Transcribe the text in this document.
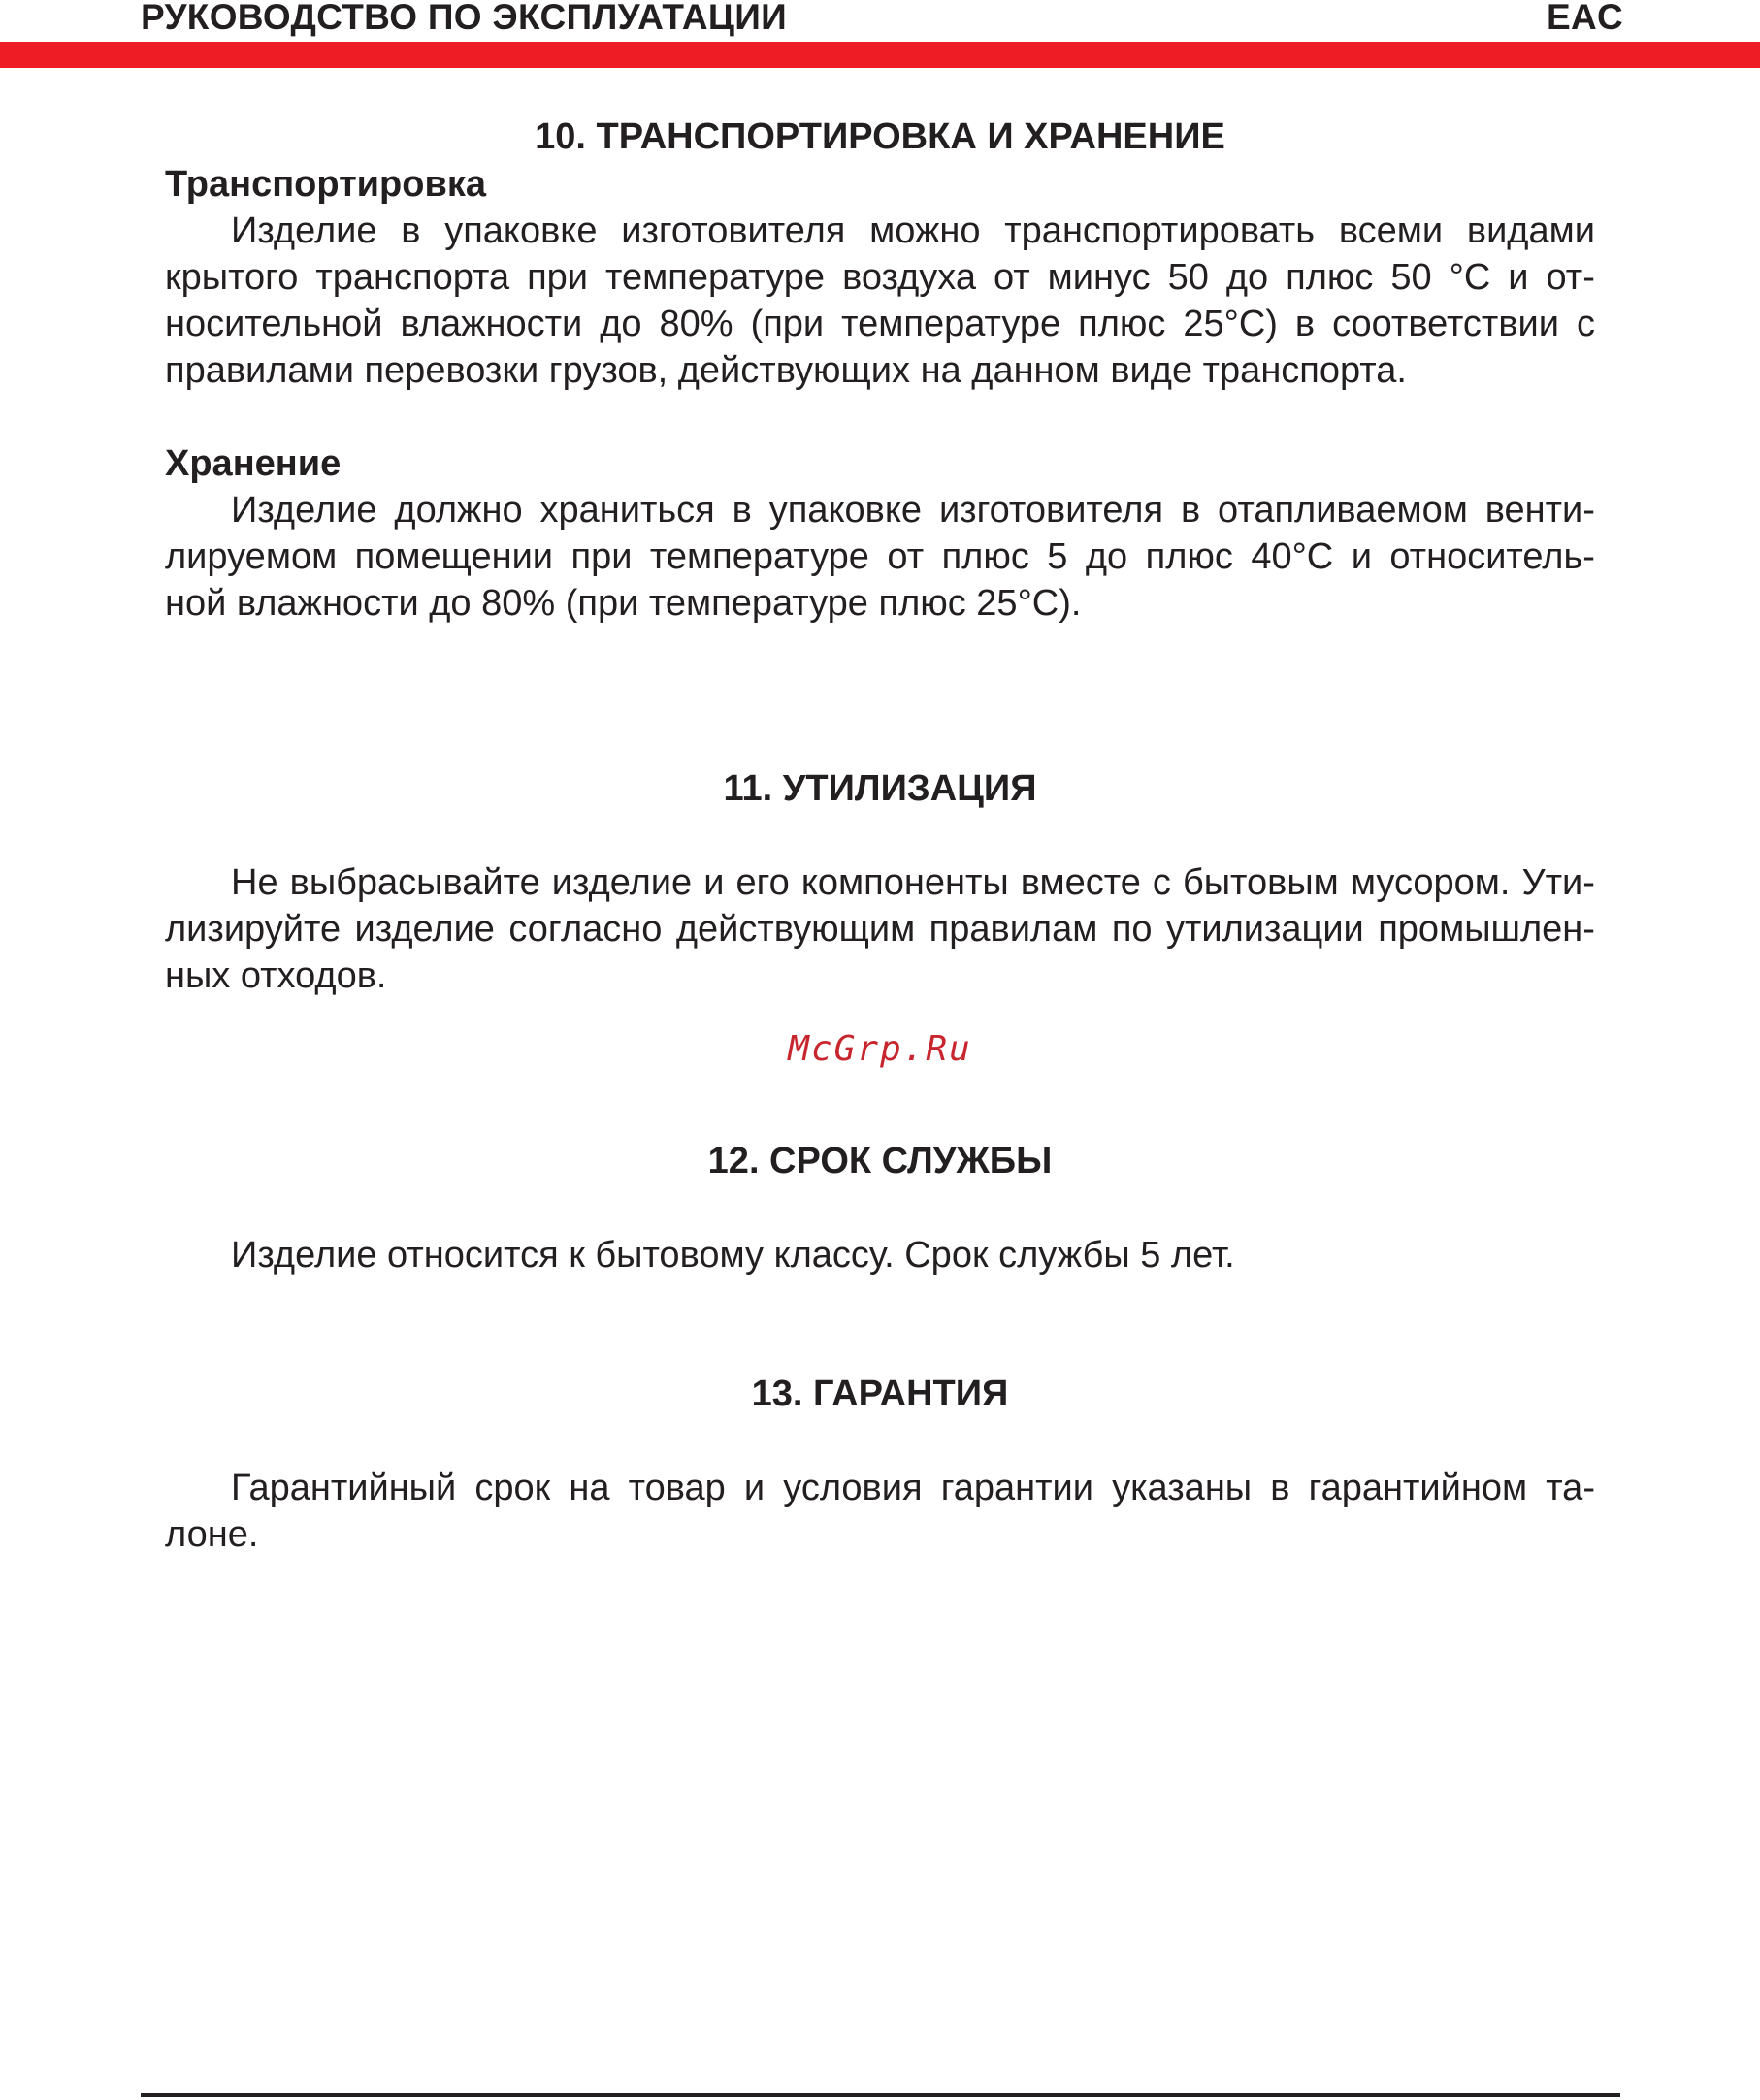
РУКОВОДСТВО ПО ЭКСПЛУАТАЦИИ	EAC
10. ТРАНСПОРТИРОВКА И ХРАНЕНИЕ
Транспортировка
Изделие в упаковке изготовителя можно транспортировать всеми видами
крытого транспорта при температуре воздуха от минус 50 до плюс 50 °C и от-
носительной влажности до 80% (при температуре плюс 25°C) в соответствии с
правилами перевозки грузов, действующих на данном виде транспорта.
Хранение
Изделие должно храниться в упаковке изготовителя в отапливаемом венти-
лируемом помещении при температуре от плюс 5 до плюс 40°C и относитель-
ной влажности до 80% (при температуре плюс 25°C).
11. УТИЛИЗАЦИЯ
Не выбрасывайте изделие и его компоненты вместе с бытовым мусором. Ути-
лизируйте изделие согласно действующим правилам по утилизации промышлен-
ных отходов.
McGrp.Ru
12. СРОК СЛУЖБЫ
Изделие относится к бытовому классу. Срок службы 5 лет.
13. ГАРАНТИЯ
Гарантийный срок на товар и условия гарантии указаны в гарантийном та-
лоне.
